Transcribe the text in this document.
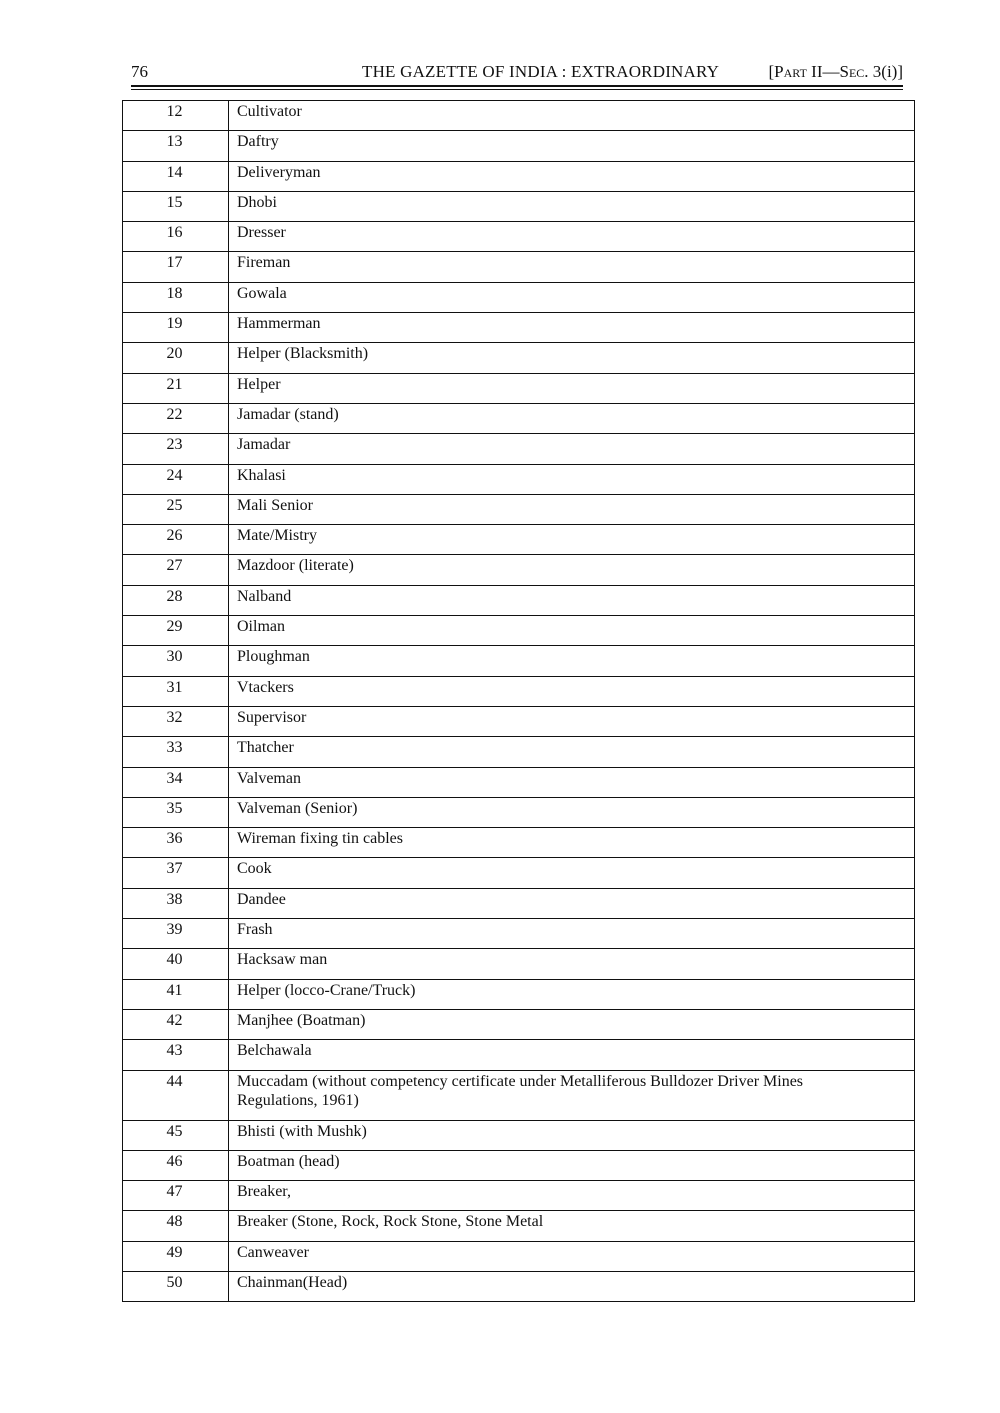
76	THE GAZETTE OF INDIA : EXTRAORDINARY	[Part II—Sec. 3(i)]
12	Cultivator
13	Daftry
14	Deliveryman
15	Dhobi
16	Dresser
17	Fireman
18	Gowala
19	Hammerman
20	Helper (Blacksmith)
21	Helper
22	Jamadar (stand)
23	Jamadar
24	Khalasi
25	Mali Senior
26	Mate/Mistry
27	Mazdoor (literate)
28	Nalband
29	Oilman
30	Ploughman
31	Vtackers
32	Supervisor
33	Thatcher
34	Valveman
35	Valveman (Senior)
36	Wireman fixing tin cables
37	Cook
38	Dandee
39	Frash
40	Hacksaw man
41	Helper (locco-Crane/Truck)
42	Manjhee (Boatman)
43	Belchawala
44	Muccadam (without competency certificate under Metalliferous Bulldozer Driver Mines Regulations, 1961)
45	Bhisti (with Mushk)
46	Boatman (head)
47	Breaker,
48	Breaker (Stone, Rock, Rock Stone, Stone Metal
49	Canweaver
50	Chainman(Head)
